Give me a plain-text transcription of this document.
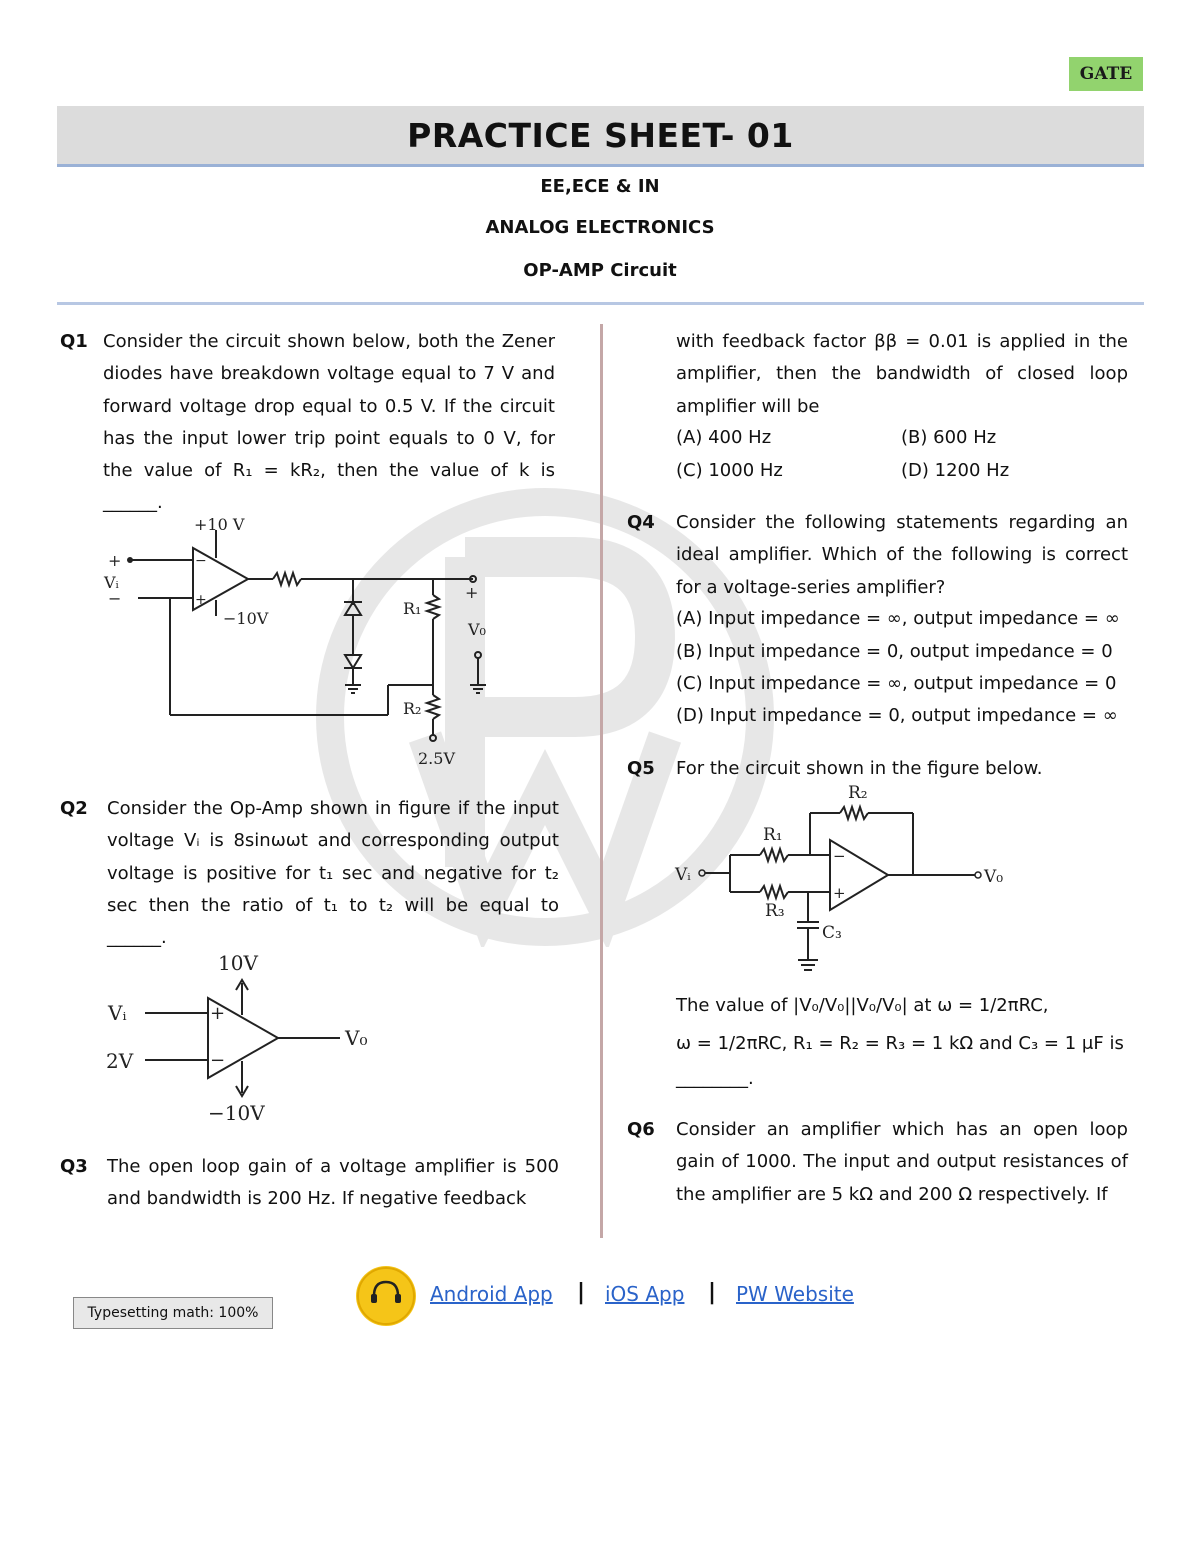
GATE
PRACTICE SHEET- 01
EE,ECE & IN
ANALOG ELECTRONICS
OP-AMP Circuit
Q1 Consider the circuit shown below, both the Zener diodes have breakdown voltage equal to 7 V and forward voltage drop equal to 0.5 V. If the circuit has the input lower trip point equals to 0 V, for the value of R₁ = kR₂, then the value of k is ______.
+10 V
−10V
+
Vᵢ
−
−
+	R₁
R₂
+
V₀
2.5V
Q2 Consider the Op-Amp shown in figure if the input voltage Vᵢ is 8sinωωt and corresponding output voltage is positive for t₁ sec and negative for t₂ sec then the ratio of t₁ to t₂ will be equal to ______.
10V
−10V
Vᵢ
2V
V₀
+
−
Q3 The open loop gain of a voltage amplifier is 500 and bandwidth is 200 Hz. If negative feedback
with feedback factor ββ = 0.01 is applied in the amplifier, then the bandwidth of closed loop amplifier will be
(A) 400 Hz	(B) 600 Hz
(C) 1000 Hz	(D) 1200 Hz
Q4 Consider the following statements regarding an ideal amplifier. Which of the following is correct for a voltage-series amplifier?
(A) Input impedance = ∞, output impedance = ∞
(B) Input impedance = 0, output impedance = 0
(C) Input impedance = ∞, output impedance = 0
(D) Input impedance = 0, output impedance = ∞
Q5 For the circuit shown in the figure below.
R₁
R₂
R₃
C₃
Vᵢ	V₀
−
+
The value of |V₀/V₀||V₀/V₀| at ω = 1/2πRC,
ω = 1/2πRC, R₁ = R₂ = R₃ = 1 kΩ and C₃ = 1 μF is
________.
Q6 Consider an amplifier which has an open loop gain of 1000. The input and output resistances of the amplifier are 5 kΩ and 200 Ω respectively. If
Typesetting math: 100%
Android App | iOS App | PW Website
